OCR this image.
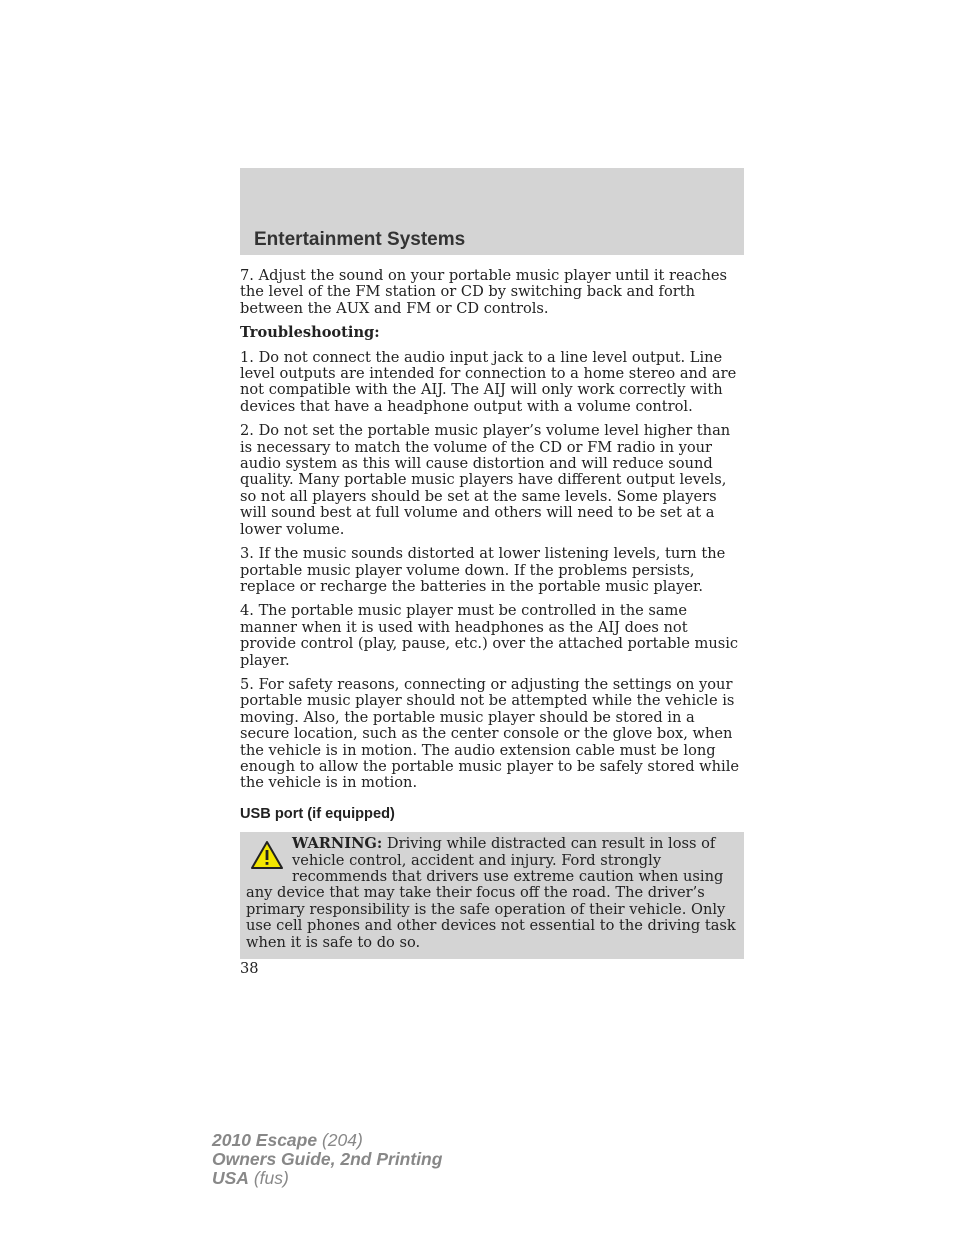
Entertainment Systems

7. Adjust the sound on your portable music player until it reaches the level of the FM station or CD by switching back and forth between the AUX and FM or CD controls.

Troubleshooting:

1. Do not connect the audio input jack to a line level output. Line level outputs are intended for connection to a home stereo and are not compatible with the AIJ. The AIJ will only work correctly with devices that have a headphone output with a volume control.

2. Do not set the portable music player’s volume level higher than is necessary to match the volume of the CD or FM radio in your audio system as this will cause distortion and will reduce sound quality. Many portable music players have different output levels, so not all players should be set at the same levels. Some players will sound best at full volume and others will need to be set at a lower volume.

3. If the music sounds distorted at lower listening levels, turn the portable music player volume down. If the problems persists, replace or recharge the batteries in the portable music player.

4. The portable music player must be controlled in the same manner when it is used with headphones as the AIJ does not provide control (play, pause, etc.) over the attached portable music player.

5. For safety reasons, connecting or adjusting the settings on your portable music player should not be attempted while the vehicle is moving. Also, the portable music player should be stored in a secure location, such as the center console or the glove box, when the vehicle is in motion. The audio extension cable must be long enough to allow the portable music player to be safely stored while the vehicle is in motion.

USB port (if equipped)

WARNING: Driving while distracted can result in loss of vehicle control, accident and injury. Ford strongly recommends that drivers use extreme caution when using any device that may take their focus off the road. The driver’s primary responsibility is the safe operation of their vehicle. Only use cell phones and other devices not essential to the driving task when it is safe to do so.
38
2010 Escape (204)
Owners Guide, 2nd Printing
USA (fus)
